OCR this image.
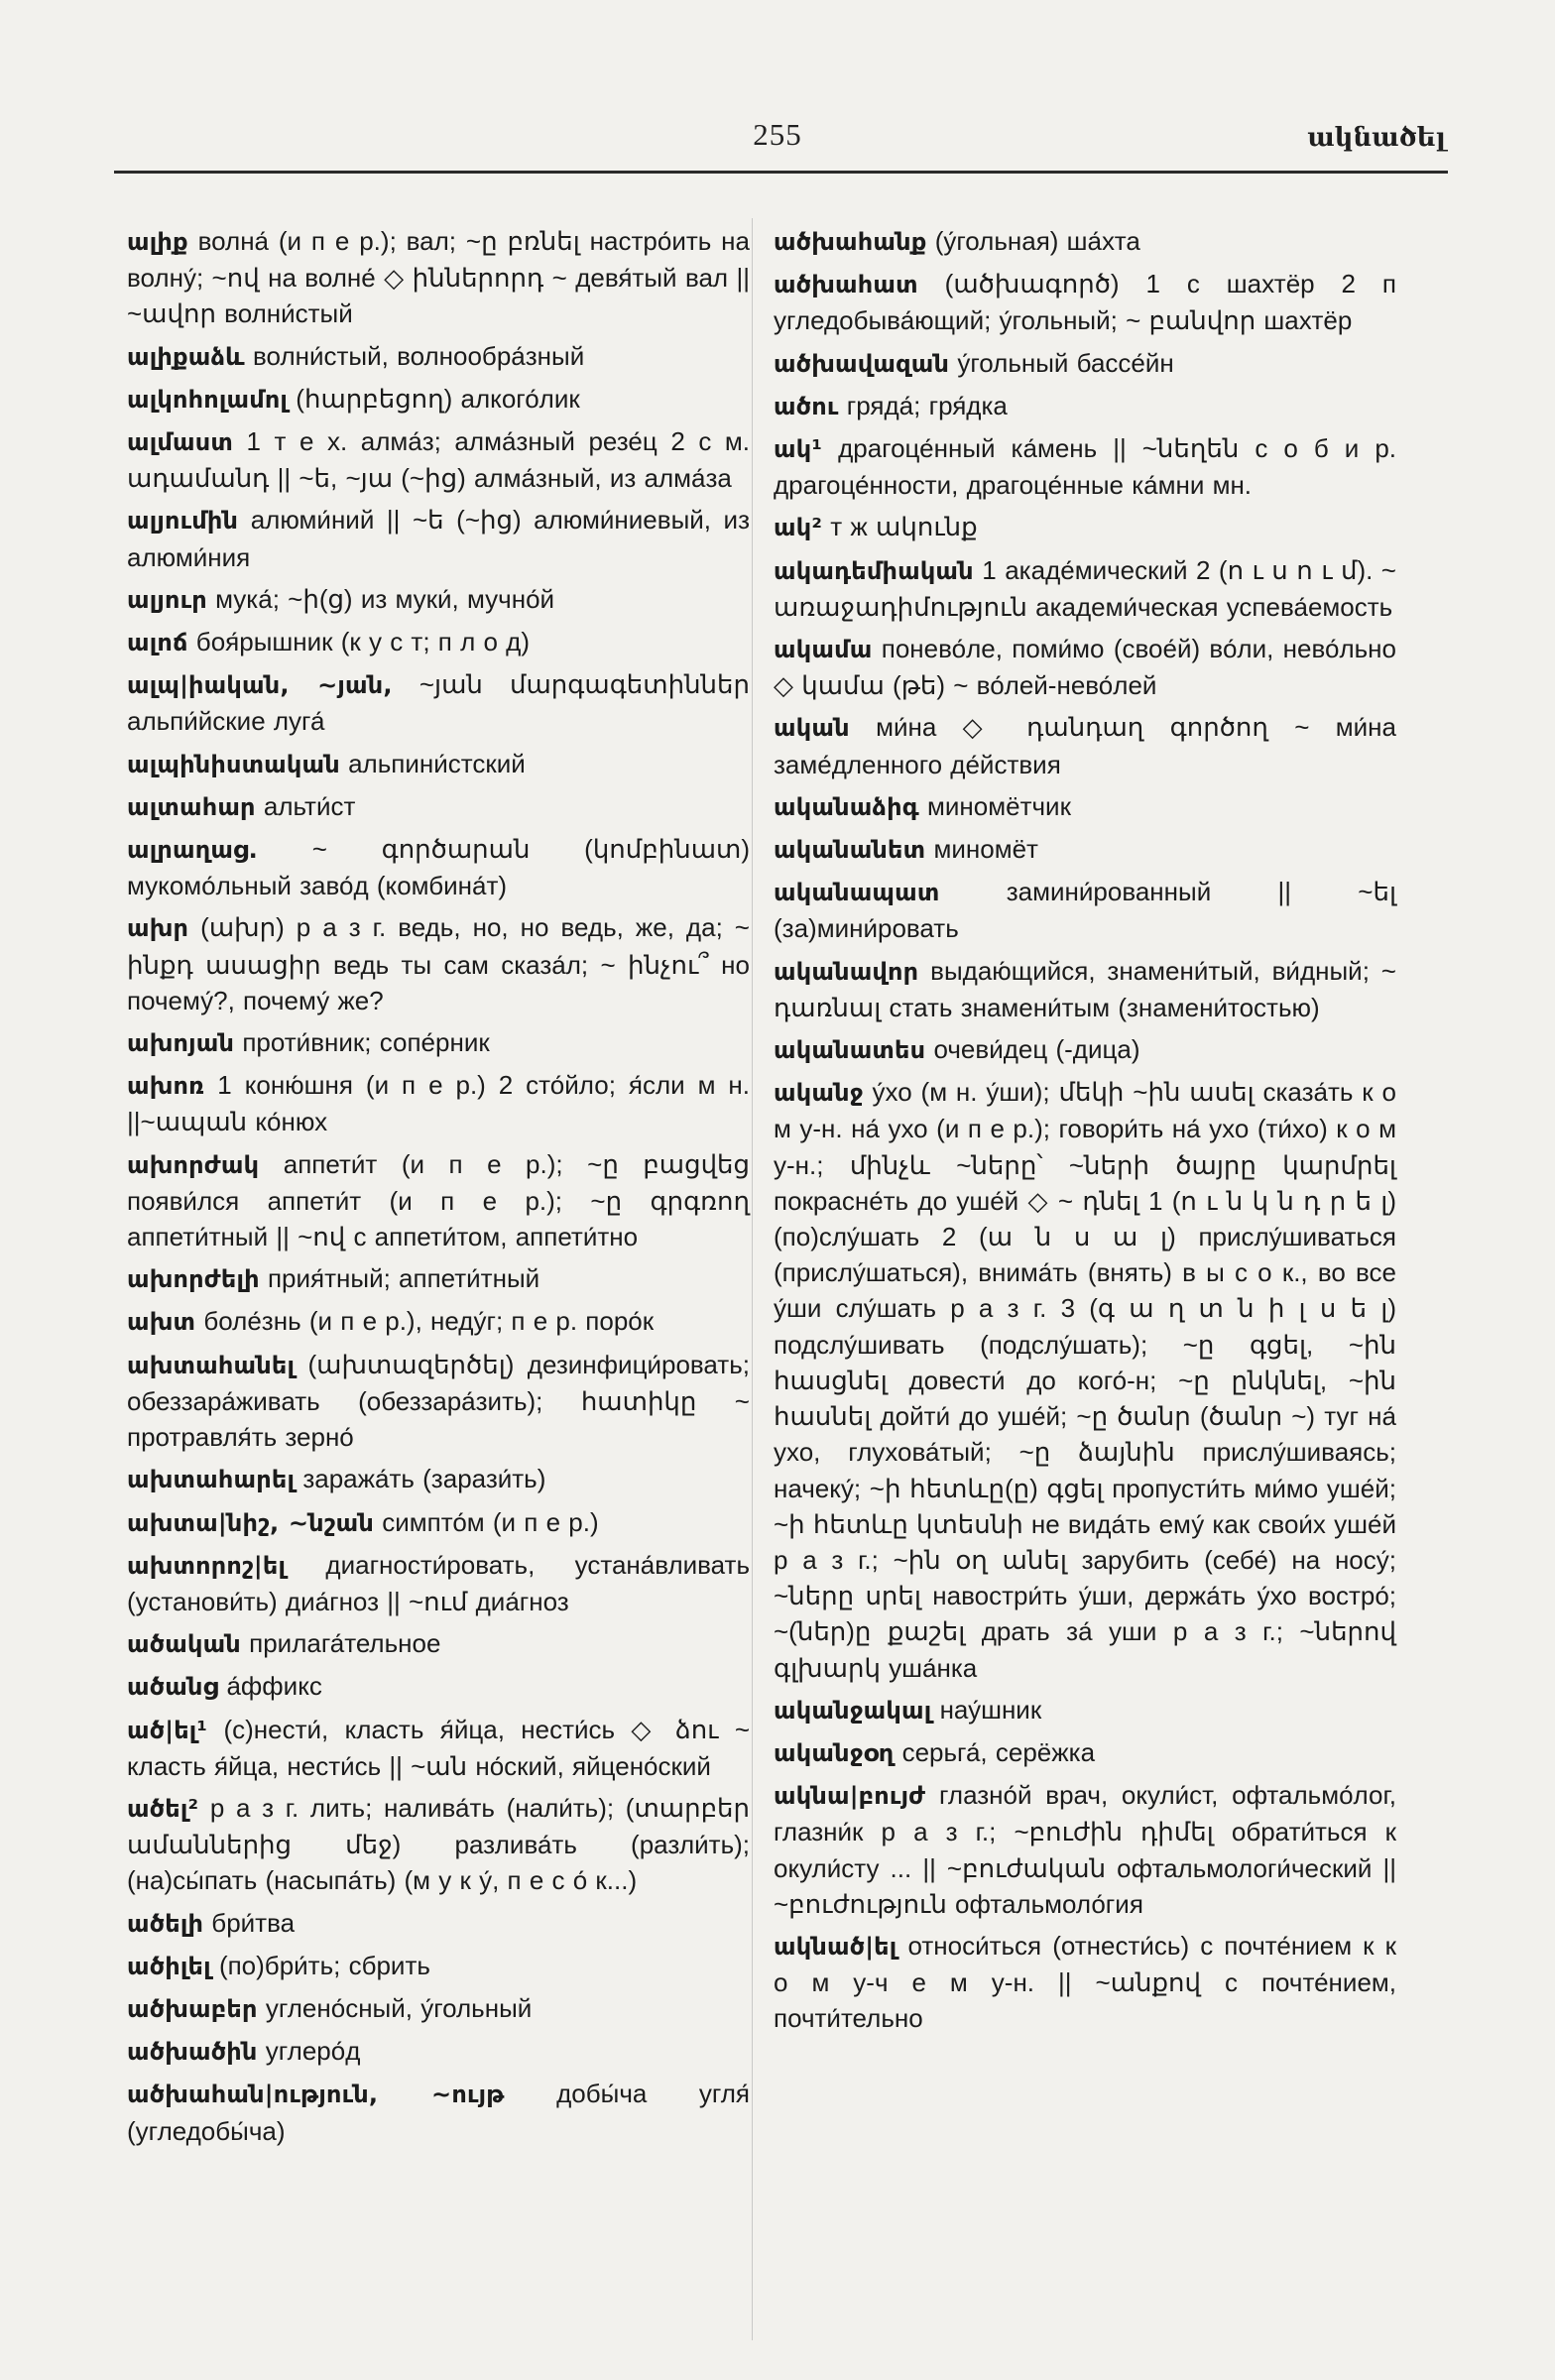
255	ակնածել

ալիք волна́ (и п е р.); вал; ~ը բռնել настро́ить на волну́; ~ով на волне́ ◇ իններորդ ~ девя́тый вал || ~ավոր волни́стый

ալիքաձև волни́стый, волнообра́зный

ալկոհոլամոլ (հարբեցող) алкого́лик

ալմաստ 1 т е х. алма́з; алма́зный резе́ц 2 с м. ադամանդ || ~ե, ~յա (~ից) алма́зный, из алма́за

ալյումին алюми́ний || ~ե (~ից) алюми́ниевый, из алюми́ния

ալյուր мука́; ~ի(ց) из муки́, мучно́й

ալոճ боя́рышник (к у с т; п л о д)

ալպ|իական, ~յան, ~յան մարգագետիններ альпи́йские луга́

ալպինիստական альпини́стский

ալտահար альти́ст

ալրաղաց. ~ գործարան (կոմբինատ) мукомо́льный заво́д (комбина́т)

ախր (ախր) р а з г. ведь, но, но ведь, же, да; ~ ինքդ ասացիր ведь ты сам сказа́л; ~ ինչու՞ но почему́?, почему́ же?

ախոյան проти́вник; сопе́рник

ախոռ 1 коню́шня (и п е р.) 2 сто́йло; я́сли м н. ||~ապան ко́нюх

ախորժակ аппети́т (и п е р.); ~ը բացվեց появи́лся аппети́т (и п е р.); ~ը գրգռող аппети́тный || ~ով с аппети́том, аппети́тно

ախորժելի прия́тный; аппети́тный

ախտ боле́знь (и п е р.), неду́г; п е р. поро́к

ախտահանել (ախտազերծել) дезинфици́ровать; обеззара́живать (обеззара́зить); հատիկը ~ протравля́ть зерно́

ախտահարել заража́ть (зарази́ть)

ախտա|նիշ, ~նշան симпто́м (и п е р.)

ախտորոշ|ել диагности́ровать, устана́вливать (установи́ть) диа́гноз || ~ում диа́гноз

ածական прилага́тельное

ածանց а́ффикс

ած|ել¹ (с)нести́, класть я́йца, нести́сь ◇ ձու ~ класть я́йца, нести́сь || ~ան но́ский, яйцено́ский

ածել² р а з г. лить; налива́ть (нали́ть); (տարբեր ամաններից մեջ) разлива́ть (разли́ть); (на)сы́пать (насыпа́ть) (м у к у́, п е с о́ к...)

ածելի бри́тва

ածիլել (по)бри́ть; сбрить

ածխաբեր углено́сный, у́гольный

ածխածին углеро́д

ածխահան|ություն, ~ույթ добы́ча угля́ (угледобы́ча)

ածխահանք (у́гольная) ша́хта

ածխահատ (ածխագործ) 1 с шахтёр 2 п угледобыва́ющий; у́гольный; ~ բանվոր шахтёр

ածխավազան у́гольный бассе́йн

ածու гряда́; гря́дка

ակ¹ драгоце́нный ка́мень || ~նեղեն с о б и р. драгоце́нности, драгоце́нные ка́мни мн.

ակ² т ж ակունք

ակադեմիական 1 акаде́мический 2 (ո ւ ս ո ւ մ). ~ առաջադիմություն академи́ческая успева́емость

ակամա понево́ле, поми́мо (свое́й) во́ли, нево́льно ◇ կամա (թե) ~ во́лей-нево́лей

ական ми́на ◇ դանդաղ գործող ~ ми́на заме́дленного де́йствия

ականաձիգ миномётчик

ականանետ миномёт

ականապատ замини́рованный || ~ել (за)мини́ровать

ականավոր выдаю́щийся, знамени́тый, ви́дный; ~ դառնալ стать знамени́тым (знамени́тостью)

ականատես очеви́дец (-дица)

ականջ у́хо (м н. у́ши); մեկի ~ին ասել сказа́ть к о м у-н. на́ ухо (и п е р.); говори́ть на́ ухо (ти́хо) к о м у-н.; մինչև ~ները՝ ~ների ծայրը կարմրել покрасне́ть до уше́й ◇ ~ դնել 1 (ո ւ ն կ ն դ ր ե լ) (по)слу́шать 2 (ա ն ս ա լ) прислу́шиваться (прислу́шаться), внима́ть (внять) в ы с о к., во все у́ши слу́шать р а з г. 3 (գ ա ղ տ ն ի լ ս ե լ) подслу́шивать (подслу́шать); ~ը գցել, ~ին հասցնել довести́ до кого́-н; ~ը ընկնել, ~ին հասնել дойти́ до уше́й; ~ը ծանր (ծանր ~) туг на́ ухо, глухова́тый; ~ը ձայնին прислу́шиваясь; начеку́; ~ի հետևը(ը) գցել пропусти́ть ми́мо уше́й; ~ի հետևը կտեսնի не вида́ть ему́ как свои́х уше́й р а з г.; ~ին օղ անել зарубить (себе́) на носу́; ~ները սրել навостри́ть у́ши, держа́ть у́хо востро́; ~(ներ)ը քաշել драть за́ уши р а з г.; ~ներով գլխարկ уша́нка

ականջակալ нау́шник

ականջօղ серьга́, серёжка

ակնա|բույժ глазно́й врач, окули́ст, офтальмо́лог, глазни́к р а з г.; ~բուժին դիմել обрати́ться к окули́сту ... || ~բուժական офтальмологи́ческий || ~բուժություն офтальмоло́гия

ակնած|ել относи́ться (отнести́сь) с почте́нием к к о м у-ч е м у-н. || ~անքով с почте́нием, почти́тельно
